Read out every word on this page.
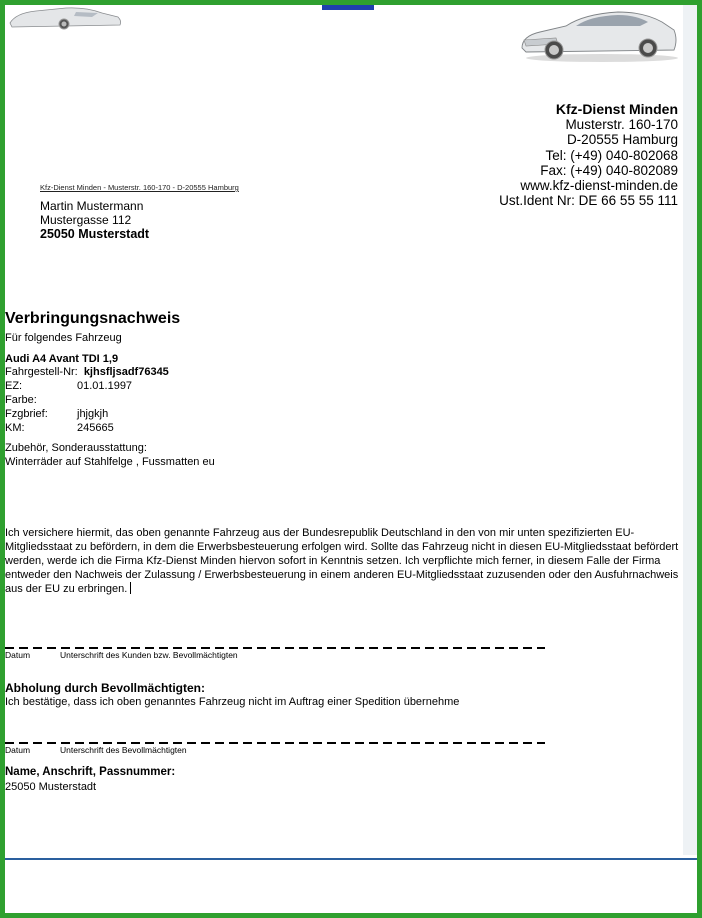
Kfz-Dienst Minden
Musterstr. 160-170
D-20555 Hamburg
Tel: (+49) 040-802068
Fax: (+49) 040-802089
www.kfz-dienst-minden.de
Ust.Ident Nr: DE 66 55 55 111
Kfz-Dienst Minden - Musterstr. 160-170 - D-20555 Hamburg
Martin Mustermann
Mustergasse 112
25050 Musterstadt
Verbringungsnachweis
Für folgendes Fahrzeug
Audi A4 Avant TDI 1,9
Fahrgestell-Nr: kjhsfljsadf76345
EZ:	01.01.1997
Farbe:
Fzgbrief:	jhjgkjh
KM:	245665
Zubehör, Sonderausstattung:
Winterräder auf Stahlfelge , Fussmatten eu
Ich versichere hiermit, das oben genannte Fahrzeug aus der Bundesrepublik Deutschland in den von mir unten spezifizierten EU-Mitgliedsstaat zu befördern, in dem die Erwerbsbesteuerung erfolgen wird. Sollte das Fahrzeug nicht in diesen EU-Mitgliedsstaat befördert werden, werde ich die Firma Kfz-Dienst Minden hiervon sofort in Kenntnis setzen. Ich verpflichte mich ferner, in diesem Falle der Firma entweder den Nachweis der Zulassung / Erwerbsbesteuerung in einem anderen EU-Mitgliedsstaat zuzusenden oder den Ausfuhrnachweis aus der EU zu erbringen.
Datum	Unterschrift des Kunden bzw. Bevollmächtigten
Abholung durch Bevollmächtigten:
Ich bestätige, dass ich oben genanntes Fahrzeug nicht im Auftrag einer Spedition übernehme
Datum	Unterschrift des Bevollmächtigten
Name, Anschrift, Passnummer:
25050 Musterstadt
